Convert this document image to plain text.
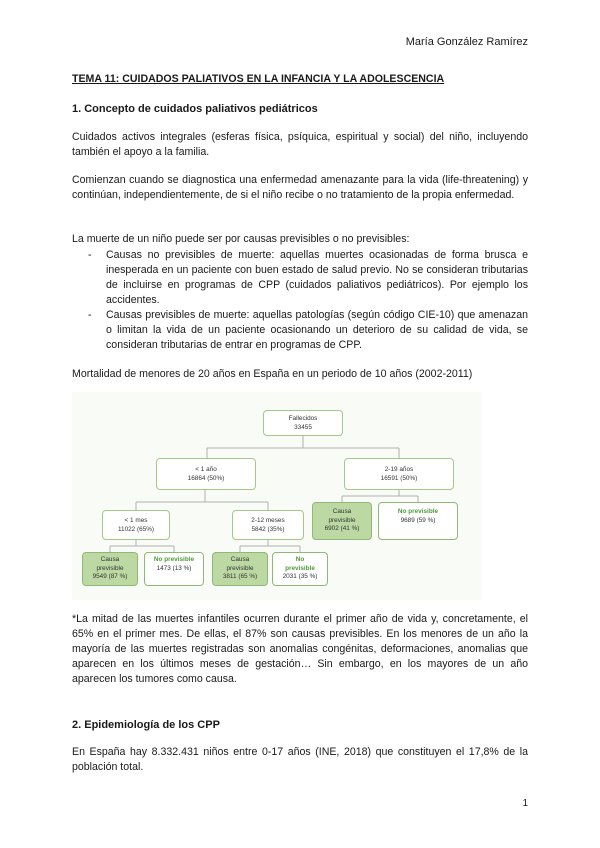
María González Ramírez
TEMA 11: CUIDADOS PALIATIVOS EN LA INFANCIA Y LA ADOLESCENCIA
1. Concepto de cuidados paliativos pediátricos
Cuidados activos integrales (esferas física, psíquica, espiritual y social) del niño, incluyendo también el apoyo a la familia.
Comienzan cuando se diagnostica una enfermedad amenazante para la vida (life-threatening) y continúan, independientemente, de si el niño recibe o no tratamiento de la propia enfermedad.
La muerte de un niño puede ser por causas previsibles o no previsibles:
- Causas no previsibles de muerte: aquellas muertes ocasionadas de forma brusca e inesperada en un paciente con buen estado de salud previo. No se consideran tributarias de incluirse en programas de CPP (cuidados paliativos pediátricos). Por ejemplo los accidentes.
- Causas previsibles de muerte: aquellas patologías (según código CIE-10) que amenazan o limitan la vida de un paciente ocasionando un deterioro de su calidad de vida, se consideran tributarias de entrar en programas de CPP.
Mortalidad de menores de 20 años en España en un periodo de 10 años (2002-2011)
Fallecidos
33455
< 1 año
16864 (50%)
2-19 años
16591 (50%)
< 1 mes
11022 (65%)
2-12 meses
5842 (35%)
Causa previsible
6902 (41 %)
No previsible
9689 (59 %)
Causa previsible
9549 (87 %)
No previsible
1473 (13 %)
Causa previsible
3811 (65 %)
No previsible
2031 (35 %)
*La mitad de las muertes infantiles ocurren durante el primer año de vida y, concretamente, el 65% en el primer mes. De ellas, el 87% son causas previsibles. En los menores de un año la mayoría de las muertes registradas son anomalias congénitas, deformaciones, anomalias que aparecen en los últimos meses de gestación… Sin embargo, en los mayores de un año aparecen los tumores como causa.
2. Epidemiología de los CPP
En España hay 8.332.431 niños entre 0-17 años (INE, 2018) que constituyen el 17,8% de la población total.
1
